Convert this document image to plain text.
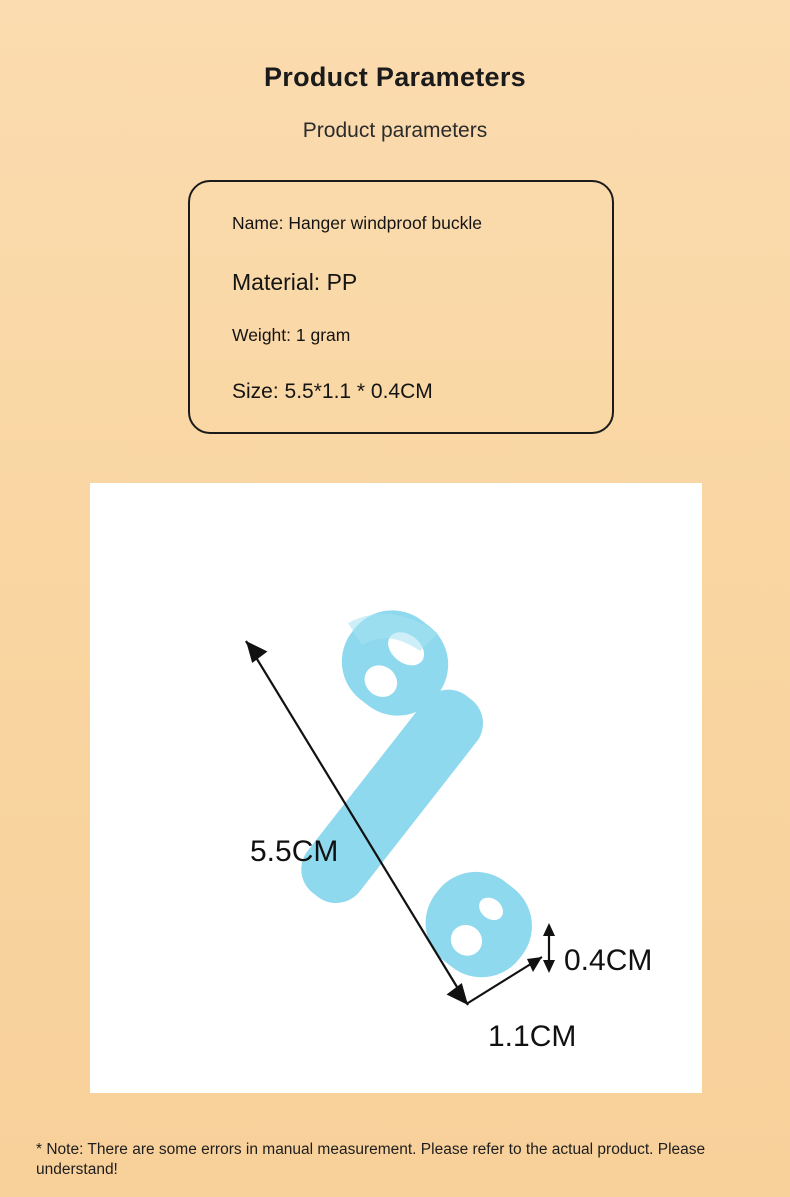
Product Parameters
Product parameters
Name: Hanger windproof buckle
Material: PP
Weight: 1 gram
Size: 5.5*1.1 * 0.4CM
5.5CM
1.1CM
0.4CM
* Note: There are some errors in manual measurement. Please refer to the actual product. Please understand!
